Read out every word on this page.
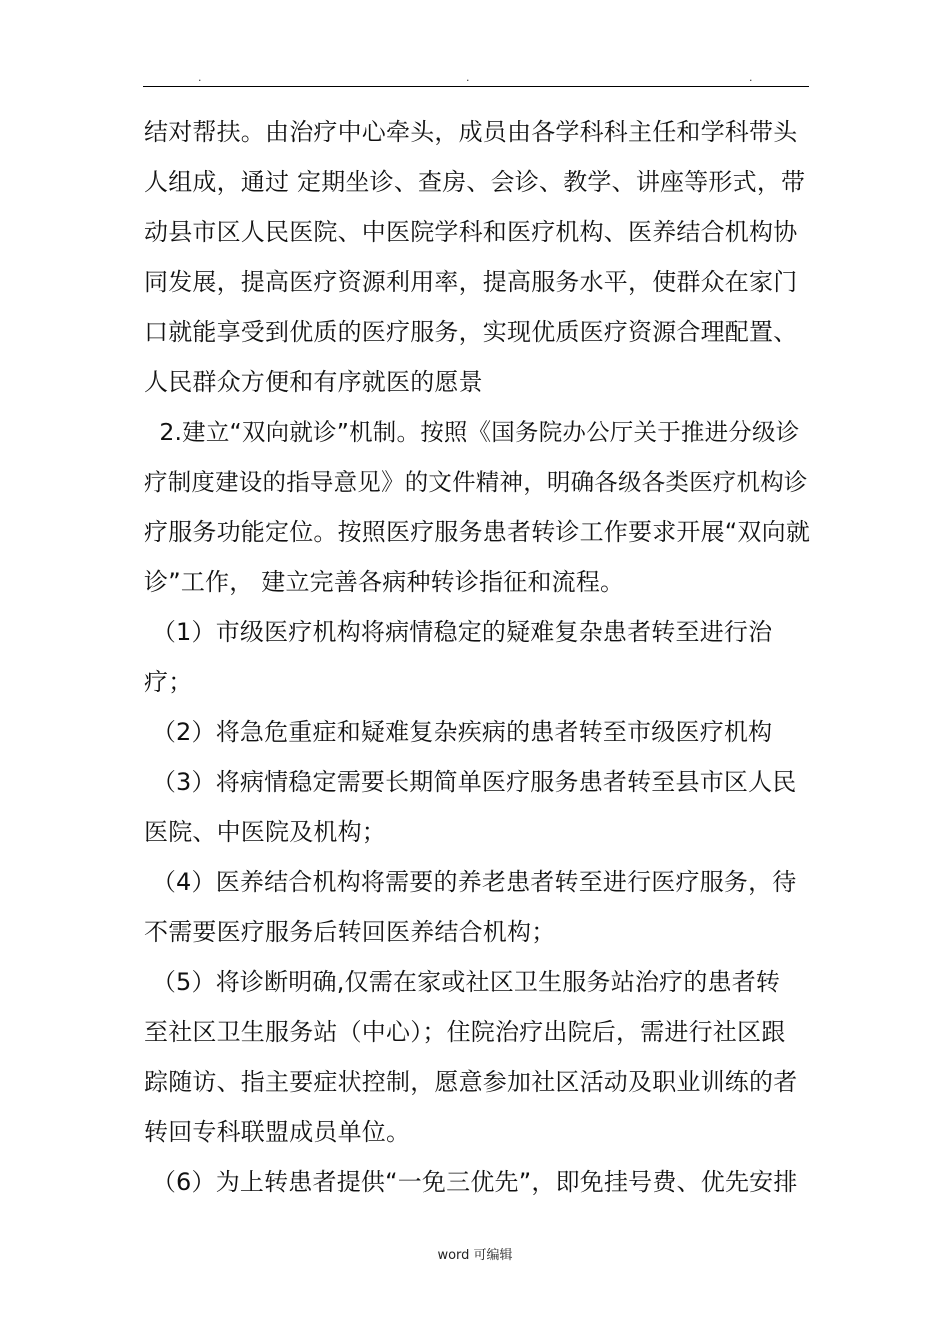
.	.	.
结对帮扶。由治疗中心牵头，成员由各学科科主任和学科带头
人组成，通过 定期坐诊、查房、会诊、教学、讲座等形式，带
动县市区人民医院、中医院学科和医疗机构、医养结合机构协
同发展，提高医疗资源利用率，提高服务水平，使群众在家门
口就能享受到优质的医疗服务，实现优质医疗资源合理配置、
人民群众方便和有序就医的愿景
2.建立“双向就诊”机制。按照《国务院办公厅关于推进分级诊
疗制度建设的指导意见》的文件精神，明确各级各类医疗机构诊
疗服务功能定位。按照医疗服务患者转诊工作要求开展“双向就
诊”工作， 建立完善各病种转诊指征和流程。
（1）市级医疗机构将病情稳定的疑难复杂患者转至进行治
疗；
（2）将急危重症和疑难复杂疾病的患者转至市级医疗机构
（3）将病情稳定需要长期简单医疗服务患者转至县市区人民
医院、中医院及机构；
（4）医养结合机构将需要的养老患者转至进行医疗服务，待
不需要医疗服务后转回医养结合机构；
（5）将诊断明确,仅需在家或社区卫生服务站治疗的患者转
至社区卫生服务站（中心）；住院治疗出院后，需进行社区跟
踪随访、指主要症状控制，愿意参加社区活动及职业训练的者
转回专科联盟成员单位。
（6）为上转患者提供“一免三优先”，即免挂号费、优先安排
word 可编辑
